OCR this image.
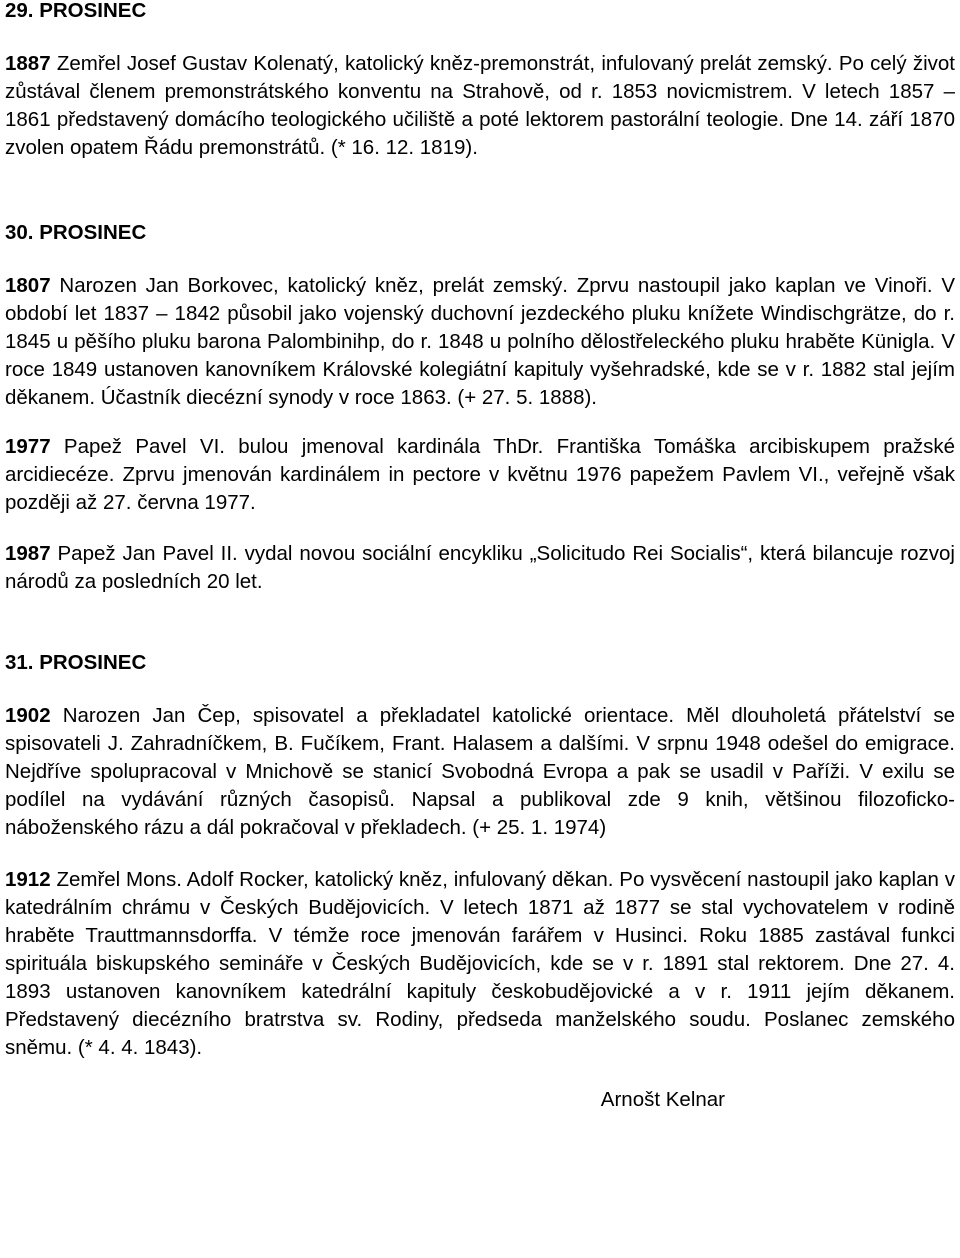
29. PROSINEC

1887 Zemřel Josef Gustav Kolenatý, katolický kněz-premonstrát, infulovaný prelát zemský. Po celý život zůstával členem premonstrátského konventu na Strahově, od r. 1853 novicmistrem. V letech 1857 – 1861 představený domácího teologického učiliště a poté lektorem pastorální teologie. Dne 14. září 1870 zvolen opatem Řádu premonstrátů. (* 16. 12. 1819).

30. PROSINEC

1807 Narozen Jan Borkovec, katolický kněz, prelát zemský. Zprvu nastoupil jako kaplan ve Vinoři. V období let 1837 – 1842 působil jako vojenský duchovní jezdeckého pluku knížete Windischgrätze, do r. 1845 u pěšího pluku barona Palombinihp, do r. 1848 u polního dělostřeleckého pluku hraběte Künigla. V roce 1849 ustanoven kanovníkem Královské kolegiátní kapituly vyšehradské, kde se v r. 1882 stal jejím děkanem. Účastník diecézní synody v roce 1863. (+ 27. 5. 1888).

1977 Papež Pavel VI. bulou jmenoval kardinála ThDr. Františka Tomáška arcibiskupem pražské arcidiecéze. Zprvu jmenován kardinálem in pectore v květnu 1976 papežem Pavlem VI., veřejně však později až 27. června 1977.

1987 Papež Jan Pavel II. vydal novou sociální encykliku „Solicitudo Rei Socialis“, která bilancuje rozvoj národů za posledních 20 let.

31. PROSINEC

1902 Narozen Jan Čep, spisovatel a překladatel katolické orientace. Měl dlouholetá přátelství se spisovateli J. Zahradníčkem, B. Fučíkem, Frant. Halasem a dalšími. V srpnu 1948 odešel do emigrace. Nejdříve spolupracoval v Mnichově se stanicí Svobodná Evropa a pak se usadil v Paříži. V exilu se podílel na vydávání různých časopisů. Napsal a publikoval zde 9 knih, většinou filozoficko-náboženského rázu a dál pokračoval v překladech. (+ 25. 1. 1974)

1912 Zemřel Mons. Adolf Rocker, katolický kněz, infulovaný děkan. Po vysvěcení nastoupil jako kaplan v katedrálním chrámu v Českých Budějovicích. V letech 1871 až 1877 se stal vychovatelem v rodině hraběte Trauttmannsdorffa. V témže roce jmenován farářem v Husinci. Roku 1885 zastával funkci spirituála biskupského semináře v Českých Budějovicích, kde se v r. 1891 stal rektorem. Dne 27. 4. 1893 ustanoven kanovníkem katedrální kapituly českobudějovické a v r. 1911 jejím děkanem. Představený diecézního bratrstva sv. Rodiny, předseda manželského soudu. Poslanec zemského sněmu. (* 4. 4. 1843).

Arnošt Kelnar
